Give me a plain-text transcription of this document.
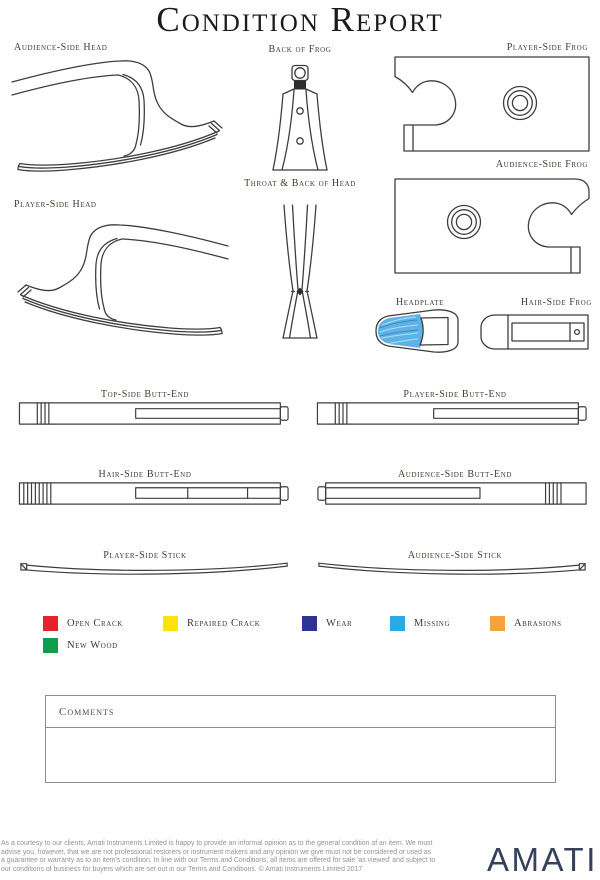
Condition Report
Audience-Side Head	Back of Frog	Player-Side Frog
Audience-Side Frog
Player-Side Head
Throat & Back of Head
Headplate	Hair-Side Frog
Top-Side Butt-End	Player-Side Butt-End
Hair-Side Butt-End	Audience-Side Butt-End
Player-Side Stick	Audience-Side Stick
Open Crack	Repaired Crack	Wear	Missing	Abrasions
New Wood
Comments
As a courtesy to our clients, Amati Instruments Limited is happy to provide an informal opinion as to the general condition of an item. We must
advise you, however, that we are not professional restorers or instrument makers and any opinion we give must not be considered or used as
a guarantee or warranty as to an item's condition. In line with our Terms and Conditions, all items are offered for sale 'as viewed' and subject to
our conditions of business for buyers which are set out in our Terms and Conditions. © Amati Instruments Limited 2017	AMATI
